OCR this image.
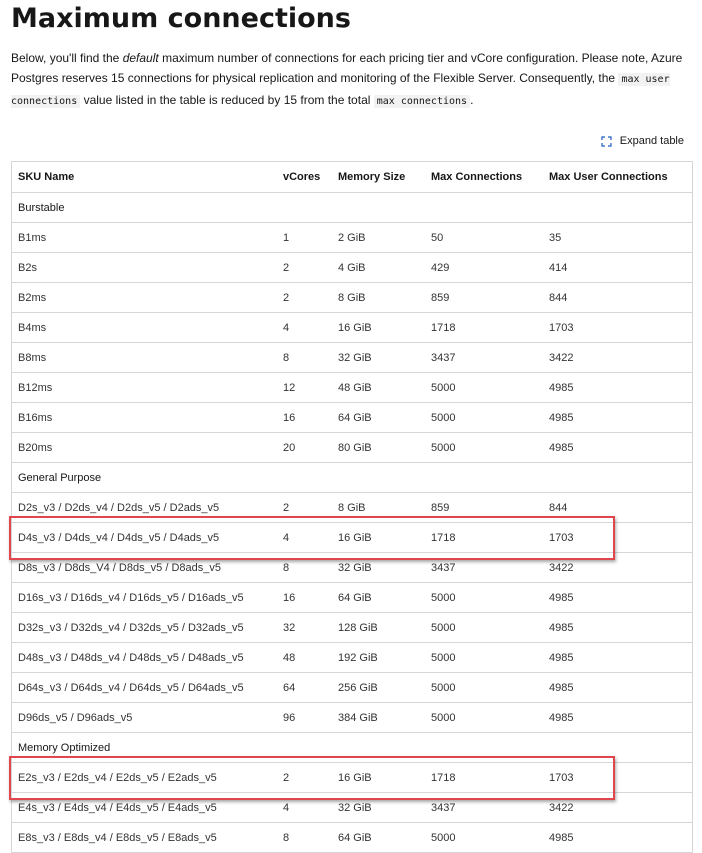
Maximum connections

Below, you'll find the default maximum number of connections for each pricing tier and vCore configuration. Please note, Azure Postgres reserves 15 connections for physical replication and monitoring of the Flexible Server. Consequently, the max user connections value listed in the table is reduced by 15 from the total max connections .

Expand table
SKU Name	vCores	Memory Size	Max Connections	Max User Connections
Burstable				
B1ms	1	2 GiB	50	35
B2s	2	4 GiB	429	414
B2ms	2	8 GiB	859	844
B4ms	4	16 GiB	1718	1703
B8ms	8	32 GiB	3437	3422
B12ms	12	48 GiB	5000	4985
B16ms	16	64 GiB	5000	4985
B20ms	20	80 GiB	5000	4985
General Purpose				
D2s_v3 / D2ds_v4 / D2ds_v5 / D2ads_v5	2	8 GiB	859	844
D4s_v3 / D4ds_v4 / D4ds_v5 / D4ads_v5	4	16 GiB	1718	1703
D8s_v3 / D8ds_V4 / D8ds_v5 / D8ads_v5	8	32 GiB	3437	3422
D16s_v3 / D16ds_v4 / D16ds_v5 / D16ads_v5	16	64 GiB	5000	4985
D32s_v3 / D32ds_v4 / D32ds_v5 / D32ads_v5	32	128 GiB	5000	4985
D48s_v3 / D48ds_v4 / D48ds_v5 / D48ads_v5	48	192 GiB	5000	4985
D64s_v3 / D64ds_v4 / D64ds_v5 / D64ads_v5	64	256 GiB	5000	4985
D96ds_v5 / D96ads_v5	96	384 GiB	5000	4985
Memory Optimized				
E2s_v3 / E2ds_v4 / E2ds_v5 / E2ads_v5	2	16 GiB	1718	1703
E4s_v3 / E4ds_v4 / E4ds_v5 / E4ads_v5	4	32 GiB	3437	3422
E8s_v3 / E8ds_v4 / E8ds_v5 / E8ads_v5	8	64 GiB	5000	4985
